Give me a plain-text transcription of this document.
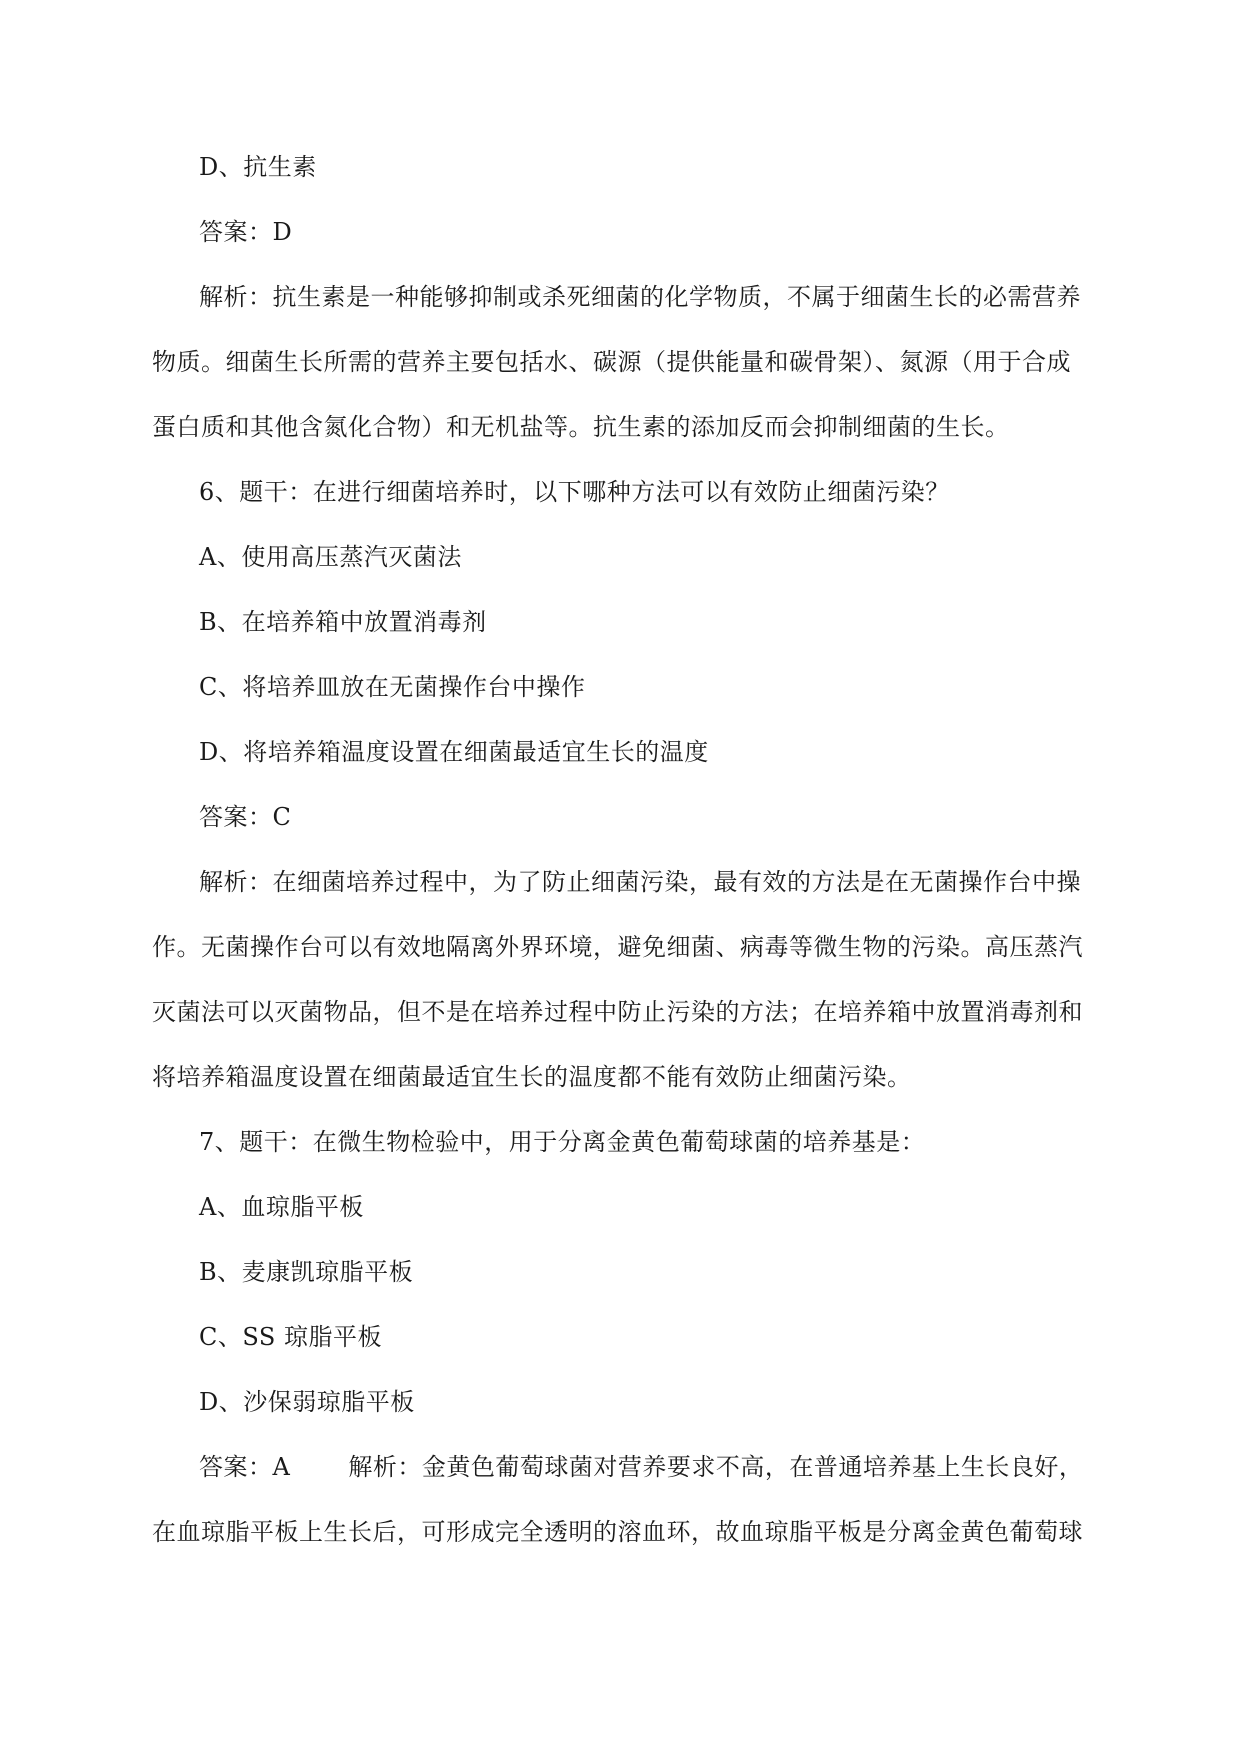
D、抗生素
答案：D
解析：抗生素是一种能够抑制或杀死细菌的化学物质，不属于细菌生长的必需营养
物质。细菌生长所需的营养主要包括水、碳源（提供能量和碳骨架）、氮源（用于合成
蛋白质和其他含氮化合物）和无机盐等。抗生素的添加反而会抑制细菌的生长。
6、题干：在进行细菌培养时，以下哪种方法可以有效防止细菌污染？
A、使用高压蒸汽灭菌法
B、在培养箱中放置消毒剂
C、将培养皿放在无菌操作台中操作
D、将培养箱温度设置在细菌最适宜生长的温度
答案：C
解析：在细菌培养过程中，为了防止细菌污染，最有效的方法是在无菌操作台中操
作。无菌操作台可以有效地隔离外界环境，避免细菌、病毒等微生物的污染。高压蒸汽
灭菌法可以灭菌物品，但不是在培养过程中防止污染的方法；在培养箱中放置消毒剂和
将培养箱温度设置在细菌最适宜生长的温度都不能有效防止细菌污染。
7、题干：在微生物检验中，用于分离金黄色葡萄球菌的培养基是：
A、血琼脂平板
B、麦康凯琼脂平板
C、SS 琼脂平板
D、沙保弱琼脂平板
答案：A 解析：金黄色葡萄球菌对营养要求不高，在普通培养基上生长良好，
在血琼脂平板上生长后，可形成完全透明的溶血环，故血琼脂平板是分离金黄色葡萄球
